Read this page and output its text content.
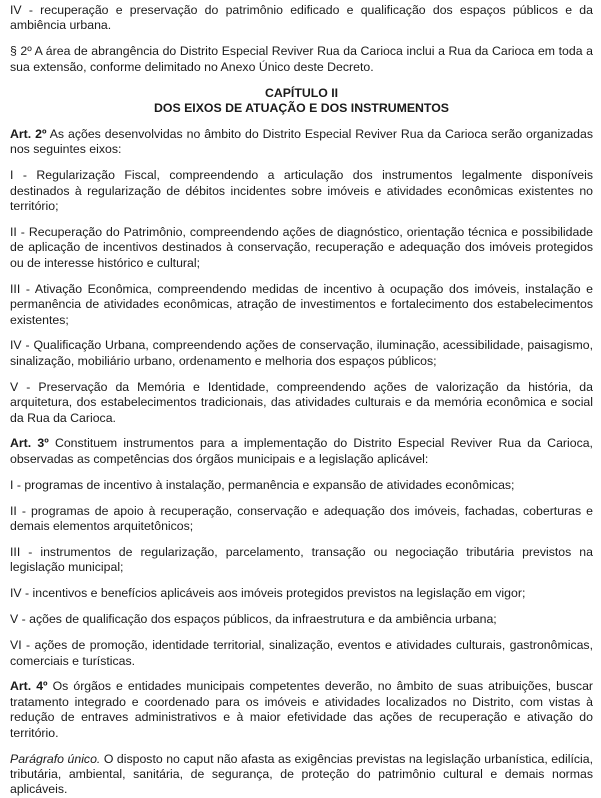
IV - recuperação e preservação do patrimônio edificado e qualificação dos espaços públicos e da ambiência urbana.

§ 2º A área de abrangência do Distrito Especial Reviver Rua da Carioca inclui a Rua da Carioca em toda a sua extensão, conforme delimitado no Anexo Único deste Decreto.

CAPÍTULO II
DOS EIXOS DE ATUAÇÃO E DOS INSTRUMENTOS

Art. 2º As ações desenvolvidas no âmbito do Distrito Especial Reviver Rua da Carioca serão organizadas nos seguintes eixos:

I - Regularização Fiscal, compreendendo a articulação dos instrumentos legalmente disponíveis destinados à regularização de débitos incidentes sobre imóveis e atividades econômicas existentes no território;

II - Recuperação do Patrimônio, compreendendo ações de diagnóstico, orientação técnica e possibilidade de aplicação de incentivos destinados à conservação, recuperação e adequação dos imóveis protegidos ou de interesse histórico e cultural;

III - Ativação Econômica, compreendendo medidas de incentivo à ocupação dos imóveis, instalação e permanência de atividades econômicas, atração de investimentos e fortalecimento dos estabelecimentos existentes;

IV - Qualificação Urbana, compreendendo ações de conservação, iluminação, acessibilidade, paisagismo, sinalização, mobiliário urbano, ordenamento e melhoria dos espaços públicos;

V - Preservação da Memória e Identidade, compreendendo ações de valorização da história, da arquitetura, dos estabelecimentos tradicionais, das atividades culturais e da memória econômica e social da Rua da Carioca.

Art. 3º Constituem instrumentos para a implementação do Distrito Especial Reviver Rua da Carioca, observadas as competências dos órgãos municipais e a legislação aplicável:

I - programas de incentivo à instalação, permanência e expansão de atividades econômicas;

II - programas de apoio à recuperação, conservação e adequação dos imóveis, fachadas, coberturas e demais elementos arquitetônicos;

III - instrumentos de regularização, parcelamento, transação ou negociação tributária previstos na legislação municipal;

IV - incentivos e benefícios aplicáveis aos imóveis protegidos previstos na legislação em vigor;

V - ações de qualificação dos espaços públicos, da infraestrutura e da ambiência urbana;

VI - ações de promoção, identidade territorial, sinalização, eventos e atividades culturais, gastronômicas, comerciais e turísticas.

Art. 4º Os órgãos e entidades municipais competentes deverão, no âmbito de suas atribuições, buscar tratamento integrado e coordenado para os imóveis e atividades localizados no Distrito, com vistas à redução de entraves administrativos e à maior efetividade das ações de recuperação e ativação do território.

Parágrafo único. O disposto no caput não afasta as exigências previstas na legislação urbanística, edilícia, tributária, ambiental, sanitária, de segurança, de proteção do patrimônio cultural e demais normas aplicáveis.
